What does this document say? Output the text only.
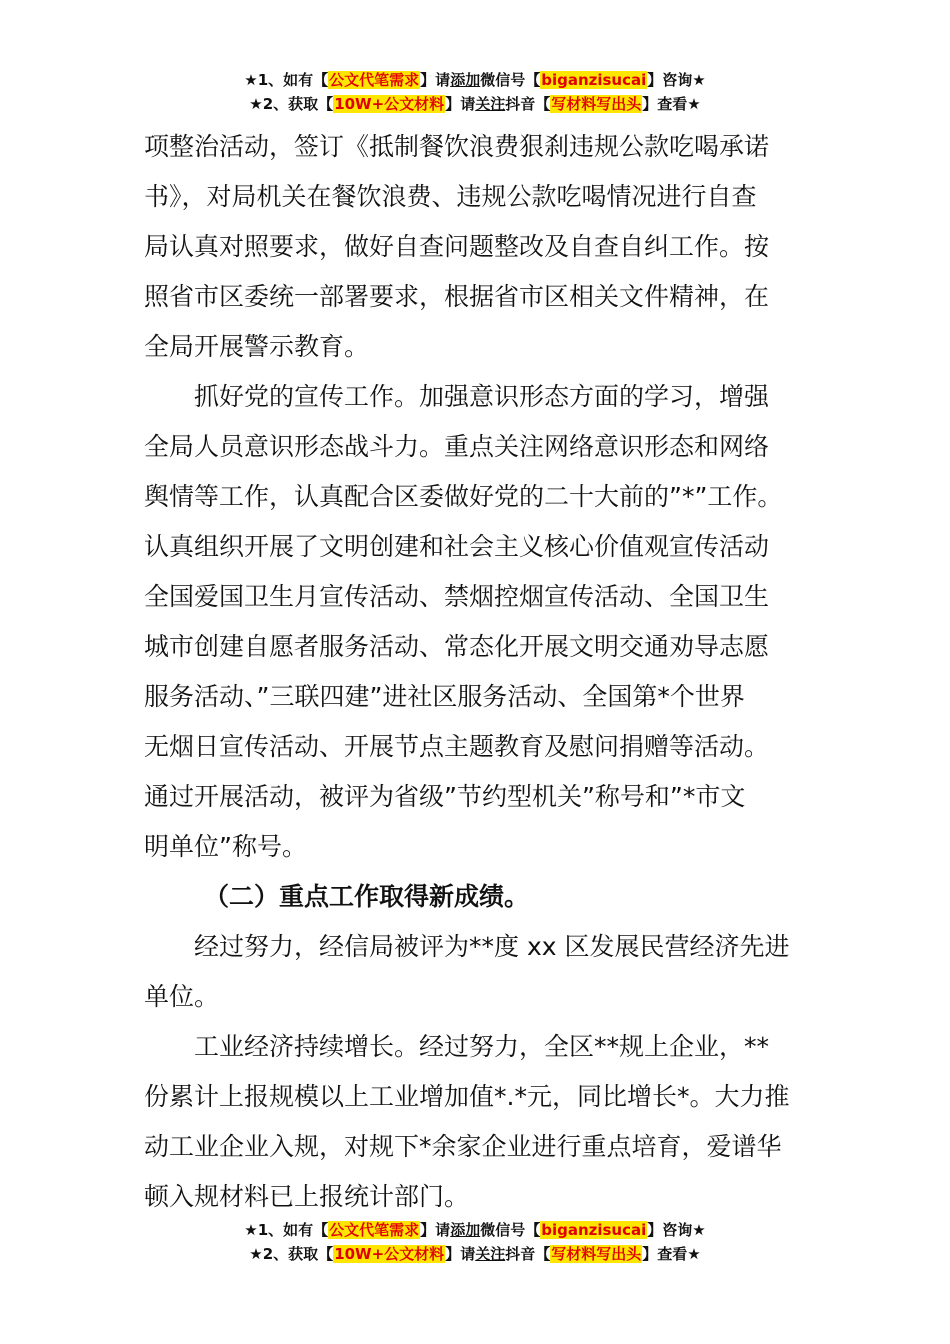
★1、如有【公文代笔需求】请添加微信号【biganzisucai】咨询★
★2、获取【10W+公文材料】请关注抖音【写材料写出头】查看★
项整治活动，签订《抵制餐饮浪费狠刹违规公款吃喝承诺
书》，对局机关在餐饮浪费、违规公款吃喝情况进行自查
局认真对照要求，做好自查问题整改及自查自纠工作。按
照省市区委统一部署要求，根据省市区相关文件精神，在
全局开展警示教育。
抓好党的宣传工作。加强意识形态方面的学习，增强
全局人员意识形态战斗力。重点关注网络意识形态和网络
舆情等工作，认真配合区委做好党的二十大前的”*”工作。
认真组织开展了文明创建和社会主义核心价值观宣传活动
全国爱国卫生月宣传活动、禁烟控烟宣传活动、全国卫生
城市创建自愿者服务活动、常态化开展文明交通劝导志愿
服务活动、”三联四建”进社区服务活动、全国第*个世界
无烟日宣传活动、开展节点主题教育及慰问捐赠等活动。
通过开展活动，被评为省级”节约型机关”称号和”*市文
明单位”称号。
（二）重点工作取得新成绩。
经过努力，经信局被评为**度 xx 区发展民营经济先进
单位。
工业经济持续增长。经过努力，全区**规上企业，**
份累计上报规模以上工业增加值*.*元，同比增长*。大力推
动工业企业入规，对规下*余家企业进行重点培育，爱谱华
顿入规材料已上报统计部门。
★1、如有【公文代笔需求】请添加微信号【biganzisucai】咨询★
★2、获取【10W+公文材料】请关注抖音【写材料写出头】查看★
